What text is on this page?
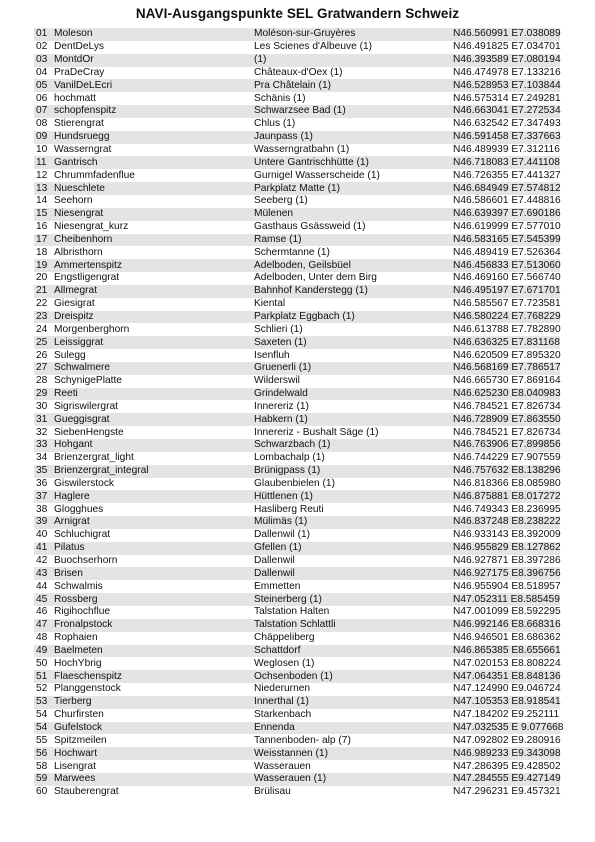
NAVI-Ausgangspunkte SEL Gratwandern Schweiz
01 Moleson	Moléson-sur-Gruyères	N46.560991 E7.038089
02 DentDeLys	Les Scienes d'Albeuve (1)	N46.491825 E7.034701
03 MontdOr	(1)	N46.393589 E7.080194
04 PraDeCray	Châteaux-d'Oex (1)	N46.474978 E7.133216
05 VanilDeLEcri	Pra Châtelain (1)	N46.528953 E7.103844
06 hochmatt	Schänis (1)	N46.575314 E7.249281
07 schopfenspitz	Schwarzsee Bad (1)	N46.663041 E7.272534
08 Stierengrat	Chlus (1)	N46.632542 E7.347493
09 Hundsruegg	Jaunpass (1)	N46.591458 E7.337663
10 Wasserngrat	Wasserngratbahn (1)	N46.489939 E7.312116
11 Gantrisch	Untere Gantrischhütte (1)	N46.718083 E7.441108
12 Chrummfadenflue	Gurnigel Wasserscheide (1)	N46.726355 E7.441327
13 Nueschlete	Parkplatz Matte (1)	N46.684949 E7.574812
14 Seehorn	Seeberg (1)	N46.586601 E7.448816
15 Niesengrat	Mülenen	N46.639397 E7.690186
16 Niesengrat_kurz	Gasthaus Gsässweid (1)	N46.619999 E7.577010
17 Cheibenhorn	Ramse (1)	N46.583165 E7.545399
18 Albristhorn	Schermtanne (1)	N46.489419 E7.526364
19 Ammertenspitz	Adelboden, Geilsbüel	N46.456833 E7.513060
20 Engstligengrat	Adelboden, Unter dem Birg	N46.469160 E7.566740
21 Allmegrat	Bahnhof Kanderstegg (1)	N46.495197 E7.671701
22 Giesigrat	Kiental	N46.585567 E7.723581
23 Dreispitz	Parkplatz Eggbach (1)	N46.580224 E7.768229
24 Morgenberghorn	Schlieri (1)	N46.613788 E7.782890
25 Leissiggrat	Saxeten (1)	N46.636325 E7.831168
26 Sulegg	Isenfluh	N46.620509 E7.895320
27 Schwalmere	Gruenerli (1)	N46.568169 E7.786517
28 SchynigePlatte	Wilderswil	N46.665730 E7.869164
29 Reeti	Grindelwald	N46.625230 E8.040983
30 Sigriswilergrat	Innereriz (1)	N46.784521 E7.826734
31 Gueggisgrat	Habkern (1)	N46.728909 E7.863550
32 SiebenHengste	Innereriz - Bushalt Säge (1)	N46.784521 E7.826734
33 Hohgant	Schwarzbach (1)	N46.763906 E7.899856
34 Brienzergrat_light	Lombachalp (1)	N46.744229 E7.907559
35 Brienzergrat_integral	Brünigpass (1)	N46.757632 E8.138296
36 Giswilerstock	Glaubenbielen (1)	N46.818366 E8.085980
37 Haglere	Hüttlenen (1)	N46.875881 E8.017272
38 Glogghues	Hasliberg Reuti	N46.749343 E8.236995
39 Arnigrat	Mülimäs (1)	N46.837248 E8.238222
40 Schluchigrat	Dallenwil (1)	N46.933143 E8.392009
41 Pilatus	Gfellen (1)	N46.955829 E8.127862
42 Buochserhorn	Dallenwil	N46.927871 E8.397286
43 Brisen	Dallenwil	N46.927175 E8.396756
44 Schwalmis	Emmetten	N46.955904 E8.518957
45 Rossberg	Steinerberg (1)	N47.052311 E8.585459
46 Rigihochflue	Talstation Halten	N47.001099 E8.592295
47 Fronalpstock	Talstation Schlattli	N46.992146 E8.668316
48 Rophaien	Chäppeliberg	N46.946501 E8.686362
49 Baelmeten	Schattdorf	N46.865385 E8.655661
50 HochYbrig	Weglosen (1)	N47.020153 E8.808224
51 Flaeschenspitz	Ochsenboden (1)	N47.064351 E8.848136
52 Planggenstock	Niederurnen	N47.124990 E9.046724
53 Tierberg	Innerthal (1)	N47.105353 E8.918541
54 Churfirsten	Starkenbach	N47.184202 E9.252111
54 Gufelstock	Ennenda	N47.032535 E 9.077668
55 Spitzmeilen	Tannenboden- alp (7)	N47.092802 E9.280916
56 Hochwart	Weisstannen (1)	N46.989233 E9.343098
58 Lisengrat	Wasserauen	N47.286395 E9.428502
59 Marwees	Wasserauen (1)	N47.284555 E9.427149
60 Stauberengrat	Brülisau	N47.296231 E9.457321
